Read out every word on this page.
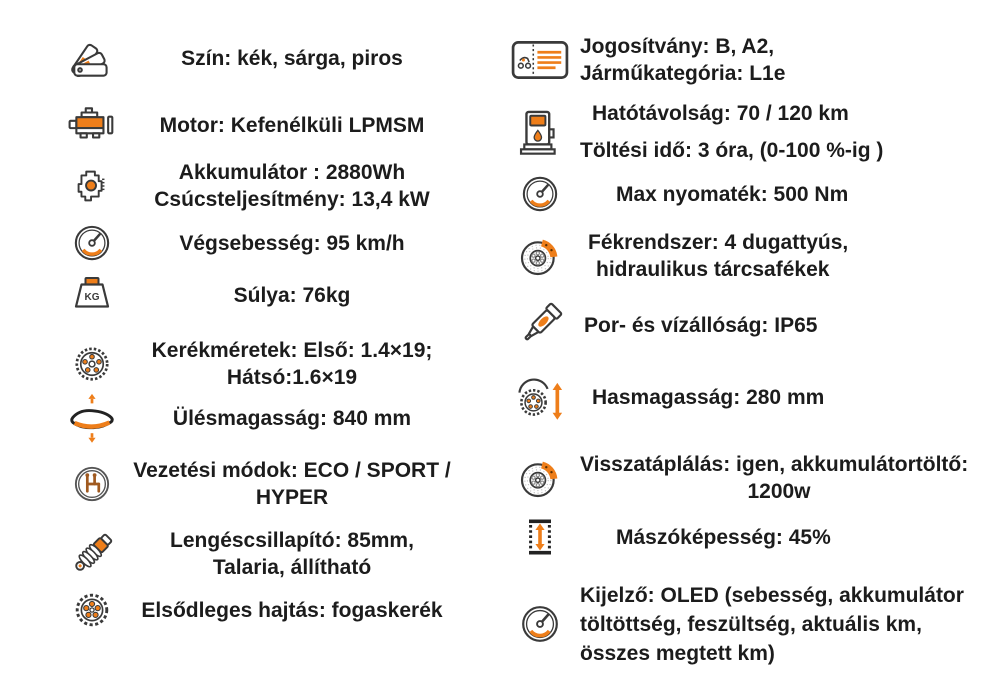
Szín: kék, sárga, piros
Motor: Kefenélküli LPMSM
Akkumulátor : 2880Wh
Csúcsteljesítmény: 13,4 kW
Végsebesség: 95 km/h
Súlya: 76kg
Kerékméretek: Első: 1.4×19;
Hátsó:1.6×19
Ülésmagasság: 840 mm
Vezetési módok: ECO / SPORT /
HYPER
Lengéscsillapító: 85mm,
Talaria, állítható
Elsődleges hajtás: fogaskerék
Jogosítvány: B, A2,
Járműkategória: L1e
Hatótávolság: 70 / 120 km
Töltési idő: 3 óra, (0-100 %-ig )
Max nyomaték: 500 Nm
Fékrendszer: 4 dugattyús,
hidraulikus tárcsafékek
Por- és vízállóság: IP65
Hasmagasság: 280 mm
Visszatáplálás: igen, akkumulátortöltő:
1200w
Mászóképesség: 45%
Kijelző: OLED (sebesség, akkumulátor
töltöttség, feszültség, aktuális km,
összes megtett km)
